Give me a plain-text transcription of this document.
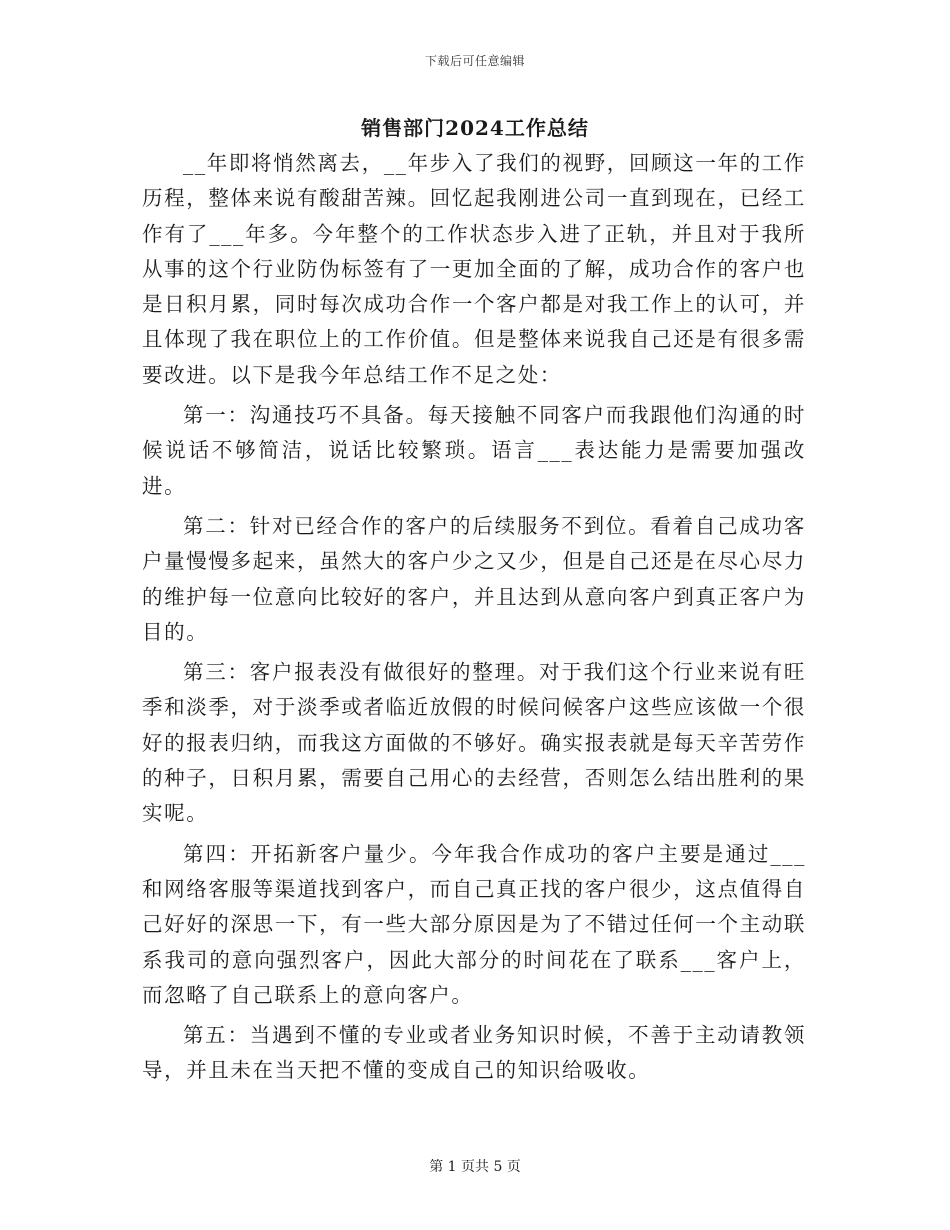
下载后可任意编辑
销售部门2024工作总结

__年即将悄然离去，__年步入了我们的视野，回顾这一年的工作历程，整体来说有酸甜苦辣。回忆起我刚进公司一直到现在，已经工作有了___年多。今年整个的工作状态步入进了正轨，并且对于我所从事的这个行业防伪标签有了一更加全面的了解，成功合作的客户也是日积月累，同时每次成功合作一个客户都是对我工作上的认可，并且体现了我在职位上的工作价值。但是整体来说我自己还是有很多需要改进。以下是我今年总结工作不足之处：

第一：沟通技巧不具备。每天接触不同客户而我跟他们沟通的时候说话不够简洁，说话比较繁琐。语言___表达能力是需要加强改进。

第二：针对已经合作的客户的后续服务不到位。看着自己成功客户量慢慢多起来，虽然大的客户少之又少，但是自己还是在尽心尽力的维护每一位意向比较好的客户，并且达到从意向客户到真正客户为目的。

第三：客户报表没有做很好的整理。对于我们这个行业来说有旺季和淡季，对于淡季或者临近放假的时候问候客户这些应该做一个很好的报表归纳，而我这方面做的不够好。确实报表就是每天辛苦劳作的种子，日积月累，需要自己用心的去经营，否则怎么结出胜利的果实呢。

第四：开拓新客户量少。今年我合作成功的客户主要是通过___和网络客服等渠道找到客户，而自己真正找的客户很少，这点值得自己好好的深思一下，有一些大部分原因是为了不错过任何一个主动联系我司的意向强烈客户，因此大部分的时间花在了联系___客户上，而忽略了自己联系上的意向客户。

第五：当遇到不懂的专业或者业务知识时候，不善于主动请教领导，并且未在当天把不懂的变成自己的知识给吸收。

第 1 页共 5 页
